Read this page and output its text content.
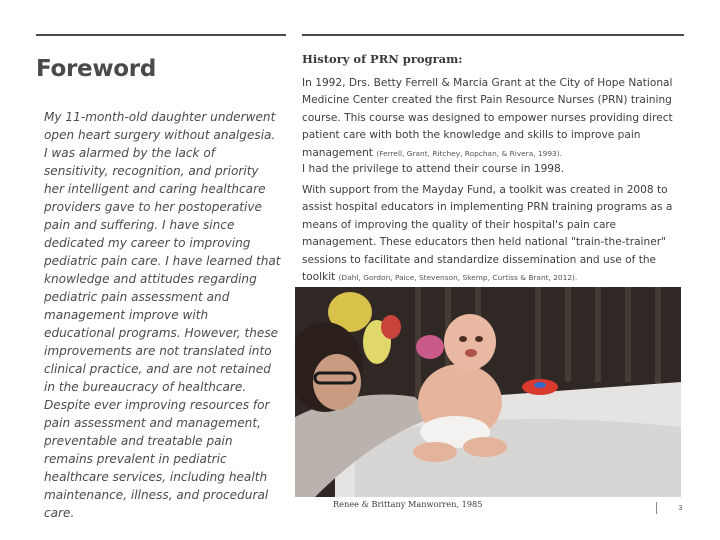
Foreword

My 11-month-old daughter underwent open heart surgery without analgesia. I was alarmed by the lack of sensitivity, recognition, and priority her intelligent and caring healthcare providers gave to her postoperative pain and suffering. I have since dedicated my career to improving pediatric pain care. I have learned that knowledge and attitudes regarding pediatric pain assessment and management improve with educational programs. However, these improvements are not translated into clinical practice, and are not retained in the bureaucracy of healthcare. Despite ever improving resources for pain assessment and management, preventable and treatable pain remains prevalent in pediatric healthcare services, including health maintenance, illness, and procedural care.

History of PRN program:

In 1992, Drs. Betty Ferrell & Marcia Grant at the City of Hope National Medicine Center created the first Pain Resource Nurses (PRN) training course. This course was designed to empower nurses providing direct patient care with both the knowledge and skills to improve pain management (Ferrell, Grant, Ritchey, Ropchan, & Rivera, 1993).

I had the privilege to attend their course in 1998.

With support from the Mayday Fund, a toolkit was created in 2008 to assist hospital educators in implementing PRN training programs as a means of improving the quality of their hospital's pain care management. These educators then held national "train-the-trainer" sessions to facilitate and standardize dissemination and use of the toolkit (Dahl, Gordon, Paice, Stevenson, Skemp, Curtiss & Brant, 2012).

Renee & Brittany Manworren, 1985	3
